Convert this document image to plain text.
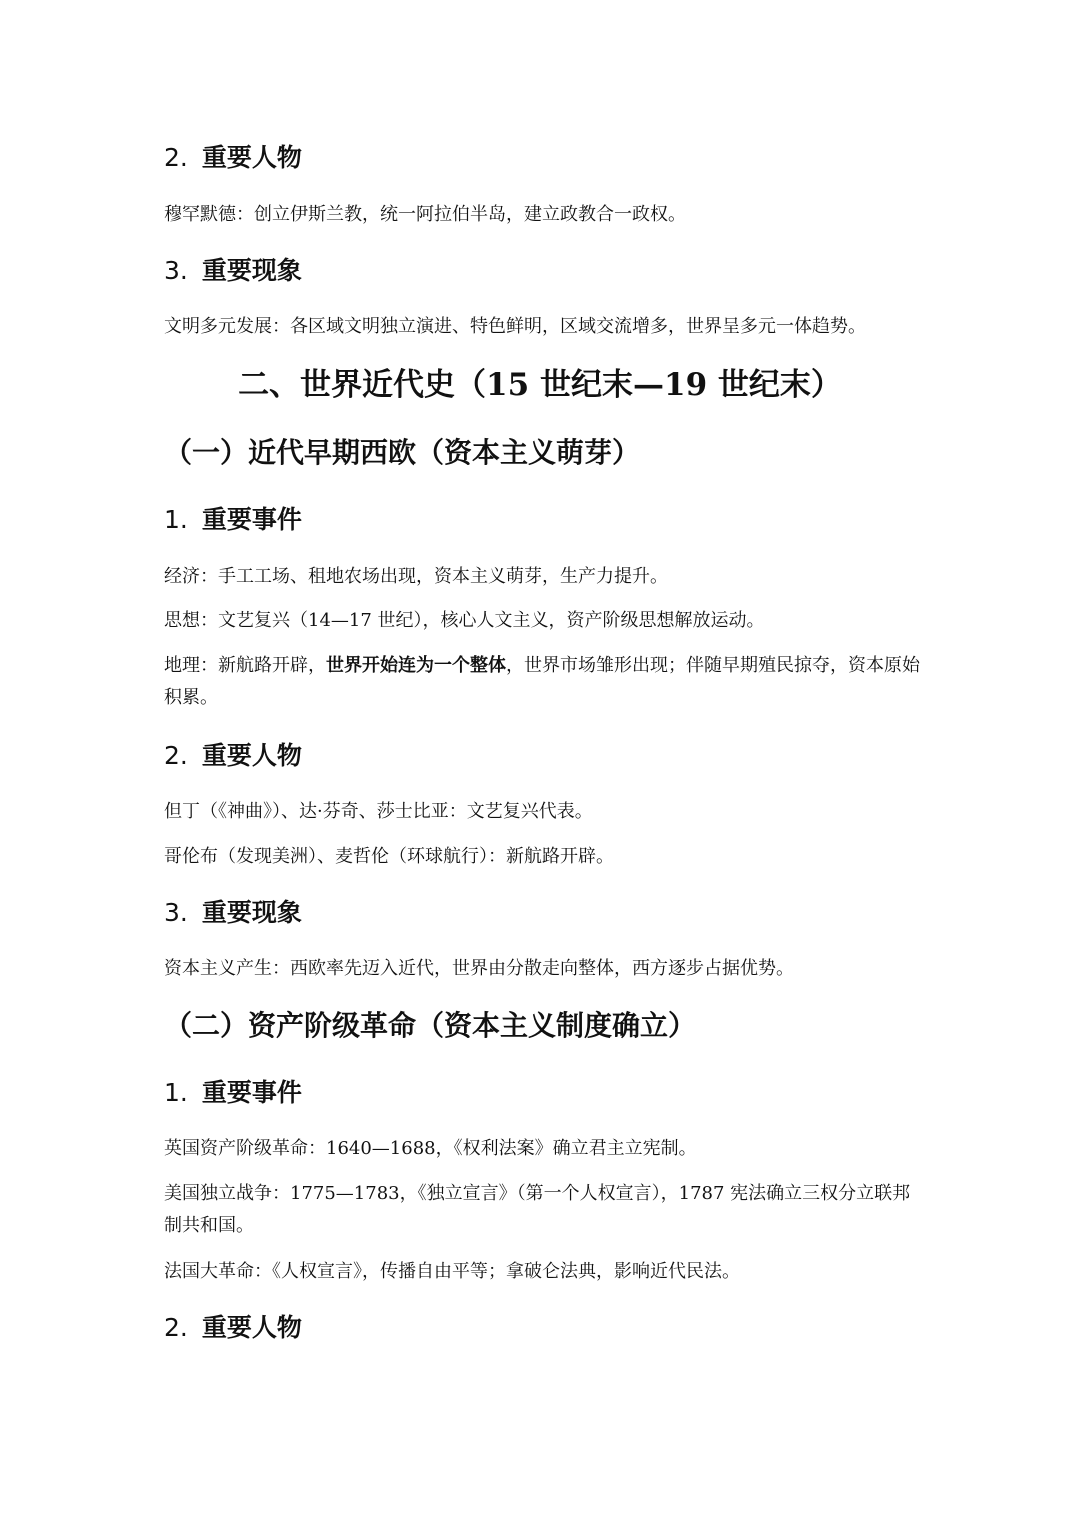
2. 重要人物

穆罕默德：创立伊斯兰教，统一阿拉伯半岛，建立政教合一政权。

3. 重要现象

文明多元发展：各区域文明独立演进、特色鲜明，区域交流增多，世界呈多元一体趋势。

二、世界近代史（15 世纪末—19 世纪末）
（一）近代早期西欧（资本主义萌芽）
1. 重要事件

经济：手工工场、租地农场出现，资本主义萌芽，生产力提升。

思想：文艺复兴（14—17 世纪），核心人文主义，资产阶级思想解放运动。

地理：新航路开辟，世界开始连为一个整体，世界市场雏形出现；伴随早期殖民掠夺，资本原始积累。

2. 重要人物

但丁（《神曲》）、达·芬奇、莎士比亚：文艺复兴代表。

哥伦布（发现美洲）、麦哲伦（环球航行）：新航路开辟。

3. 重要现象

资本主义产生：西欧率先迈入近代，世界由分散走向整体，西方逐步占据优势。

（二）资产阶级革命（资本主义制度确立）
1. 重要事件

英国资产阶级革命：1640—1688，《权利法案》确立君主立宪制。

美国独立战争：1775—1783，《独立宣言》（第一个人权宣言），1787 宪法确立三权分立联邦制共和国。

法国大革命：《人权宣言》，传播自由平等；拿破仑法典，影响近代民法。

2. 重要人物
